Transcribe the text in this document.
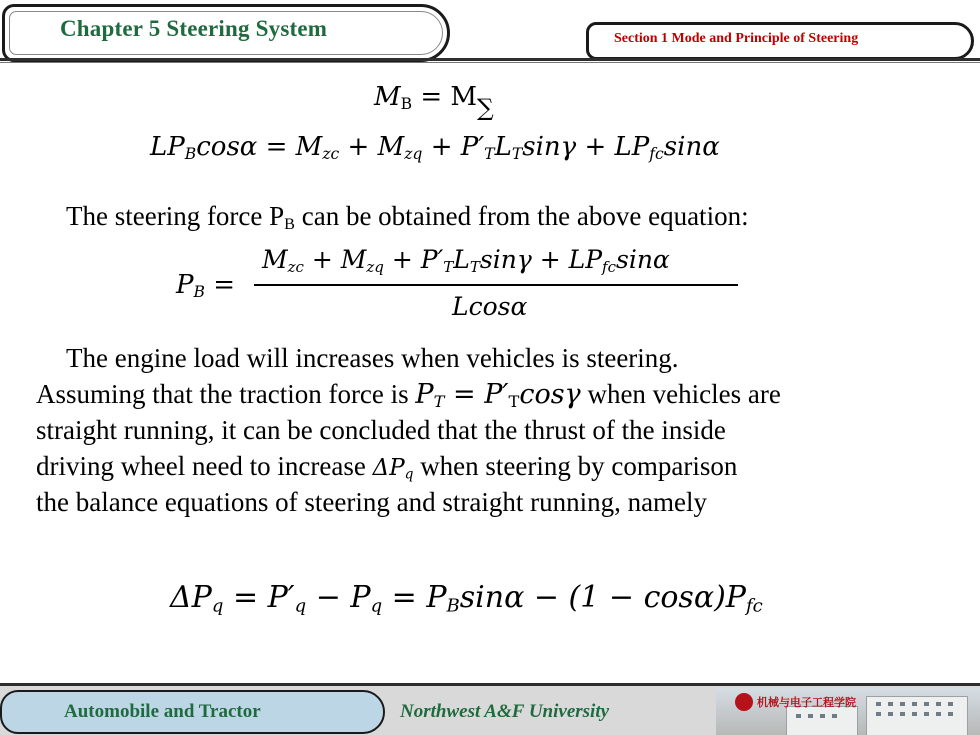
Chapter 5 Steering System	Section 1 Mode and Principle of Steering
$M_B = M_\sum$
$LP_B\cos\alpha = M_{zc} + M_{zq} + P'_TL_T\sin\gamma + LP_{fc}\sin\alpha$
The steering force $P_B$ can be obtained from the above equation:
$P_B$ =
$M_{zc} + M_{zq} + P'_TL_T\sin\gamma + LP_{fc}\sin\alpha$
Lcosα
The engine load will increases when vehicles is steering.
Assuming that the traction force is $P_T = P'_T\cos\gamma$ when vehicles are
straight running, it can be concluded that the thrust of the inside
driving wheel need to increase $\Delta P_q$ when steering by comparison
the balance equations of steering and straight running, namely
$\Delta P_q = P'_q - P_q = P_B\sin\alpha - (1 - \cos\alpha)P_{fc}$
Automobile and Tractor	Northwest A&F University	机械与电子工程学院
